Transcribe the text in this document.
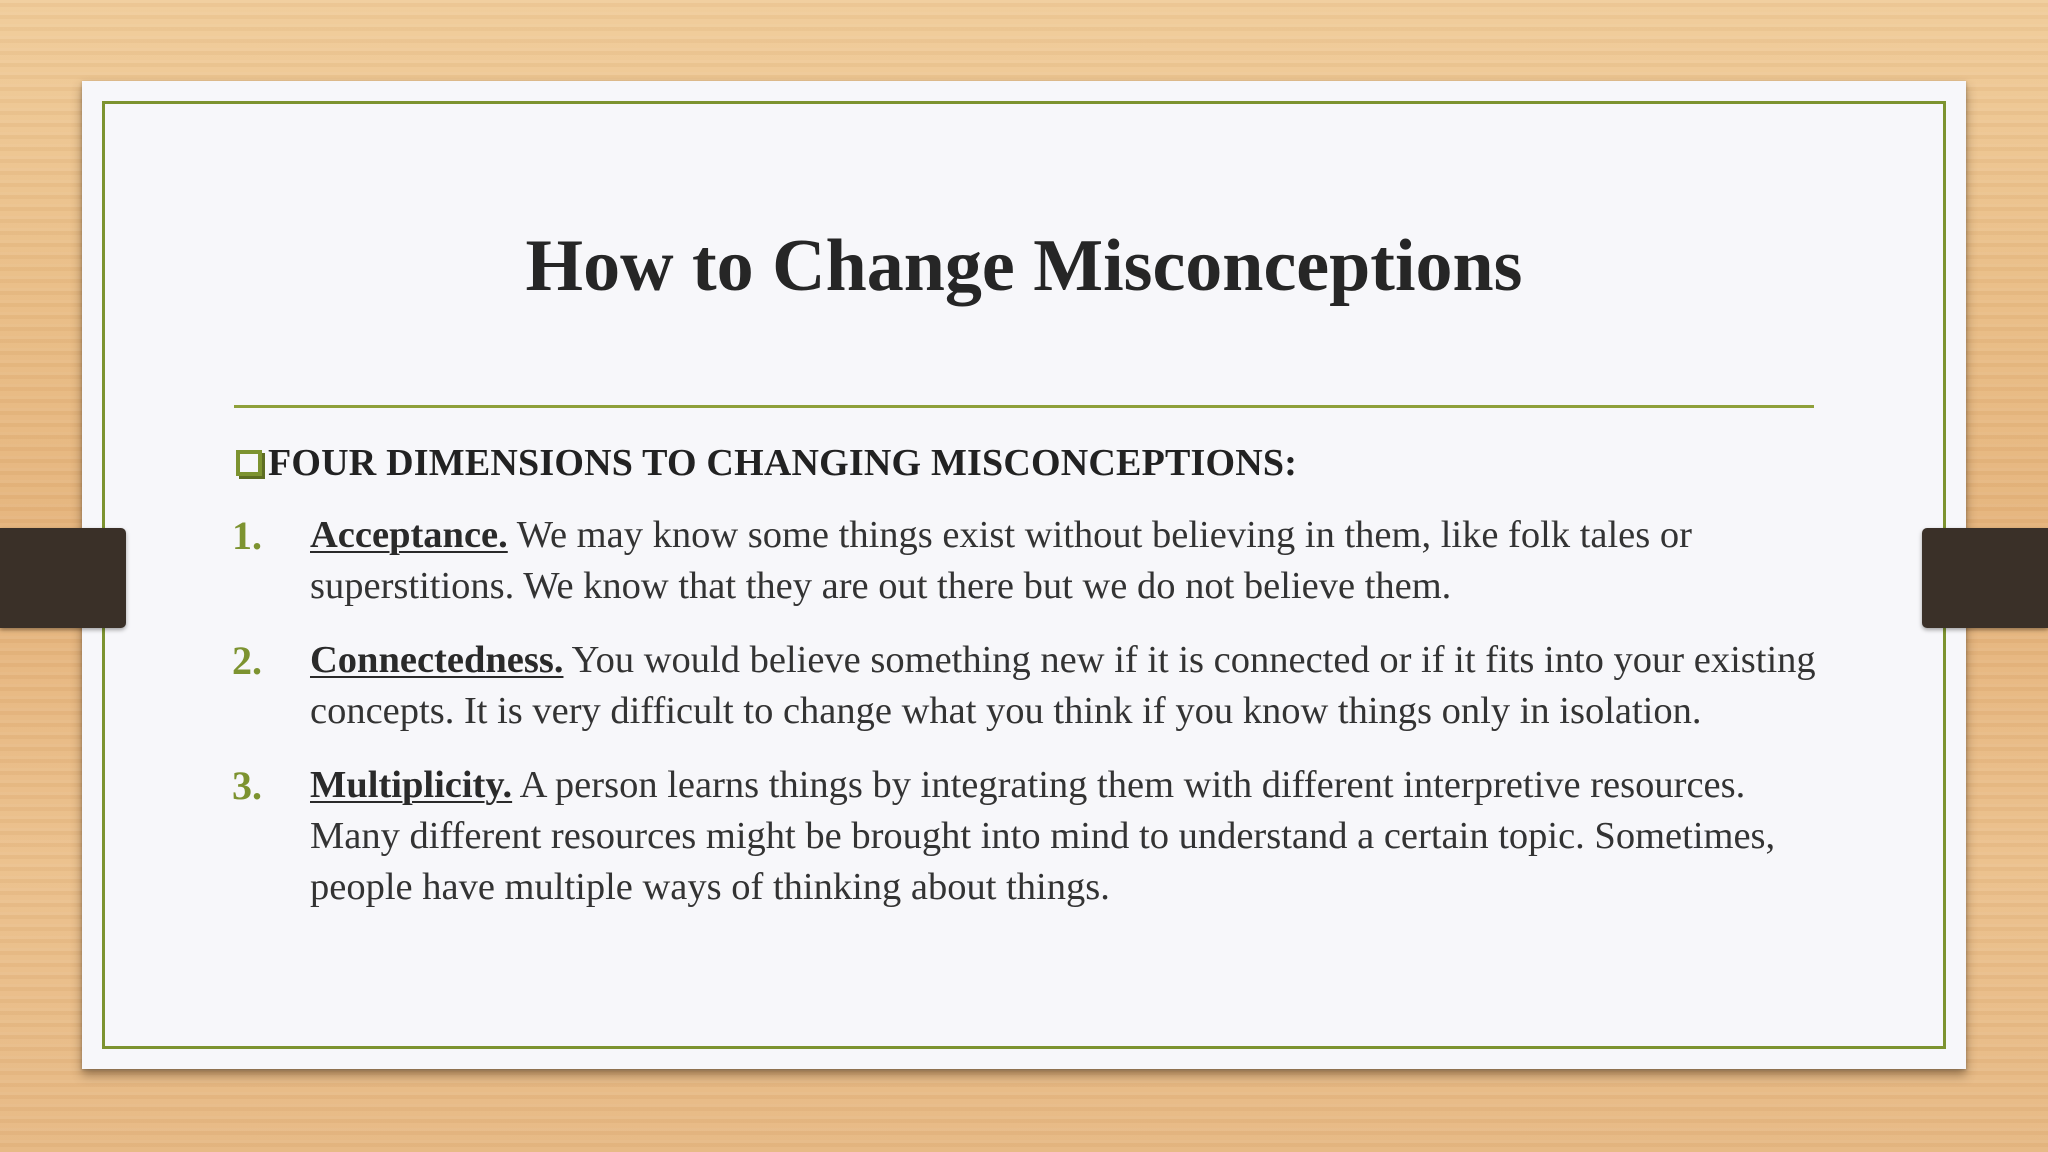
How to Change Misconceptions
FOUR DIMENSIONS TO CHANGING MISCONCEPTIONS:
1.	Acceptance. We may know some things exist without believing in them, like folk tales or superstitions. We know that they are out there but we do not believe them.
2.	Connectedness. You would believe something new if it is connected or if it fits into your existing concepts. It is very difficult to change what you think if you know things only in isolation.
3.	Multiplicity. A person learns things by integrating them with different interpretive resources. Many different resources might be brought into mind to understand a certain topic. Sometimes, people have multiple ways of thinking about things.
